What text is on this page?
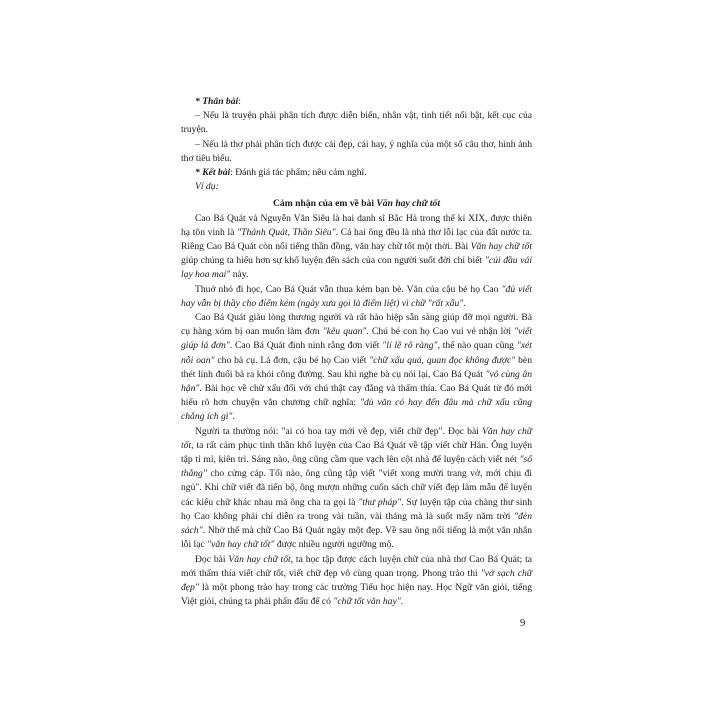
* Thân bài:

– Nếu là truyện phải phân tích được diễn biến, nhân vật, tình tiết nổi bật, kết cục của truyện.

– Nếu là thơ phải phân tích được cái đẹp, cái hay, ý nghĩa của một số câu thơ, hình ảnh thơ tiêu biểu.

* Kết bài: Đánh giá tác phẩm; nêu cảm nghĩ.

Ví dụ:

Cảm nhận của em về bài Văn hay chữ tốt

Cao Bá Quát và Nguyễn Văn Siêu là hai danh sĩ Bắc Hà trong thế kỉ XIX, được thiên hạ tôn vinh là "Thánh Quát, Thần Siêu". Cả hai ông đều là nhà thơ lỗi lạc của đất nước ta. Riêng Cao Bá Quát còn nổi tiếng thần đồng, văn hay chữ tốt một thời. Bài Văn hay chữ tốt giúp chúng ta hiểu hơn sự khổ luyện đến sách của con người suốt đời chỉ biết "cúi đầu vái lạy hoa mai" này.

Thuở nhỏ đi học, Cao Bá Quát vẫn thua kém bạn bè. Văn của cậu bé họ Cao "đủ viết hay vẫn bị thầy cho điểm kém (ngày xưa gọi là điểm liệt) vì chữ "rất xấu".

Cao Bá Quát giàu lòng thương người và rất hào hiệp sẵn sàng giúp đỡ mọi người. Bà cụ hàng xóm bị oan muốn làm đơn "kêu quan". Chú bé con họ Cao vui vẻ nhận lời "viết giúp lá đơn". Cao Bá Quát đinh ninh rằng đơn viết "lí lẽ rõ ràng", thế nào quan cũng "xét nỗi oan" cho bà cụ. Lá đơn, cậu bé họ Cao viết "chữ xấu quá, quan đọc không được" bèn thét lính đuổi bà ra khỏi công đường. Sau khi nghe bà cụ nói lại, Cao Bá Quát "vô cùng ân hận". Bài học về chữ xấu đổi với chú thật cay đắng và thấm thía. Cao Bá Quát từ đó mới hiểu rõ hơn chuyện văn chương chữ nghĩa: "dù văn có hay đến đâu mà chữ xấu cũng chẳng ích gì".

Người ta thường nói: "ai có hoa tay mới vẽ đẹp, viết chữ đẹp". Đọc bài Văn hay chữ tốt, ta rất cảm phục tinh thần khổ luyện của Cao Bá Quát về tập viết chữ Hán. Ông luyện tập tỉ mỉ, kiên trì. Sáng nào, ông cũng cầm que vạch lên cột nhà để luyện cách viết nét "sổ thẳng" cho cứng cáp. Tối nào, ông cũng tập viết "viết xong mười trang vở, mới chịu đi ngủ". Khi chữ viết đã tiến bộ, ông mượn những cuốn sách chữ viết đẹp làm mẫu để luyện các kiểu chữ khác nhau mà ông cha ta gọi là "thư pháp". Sự luyện tập của chàng thư sinh họ Cao không phải chỉ diễn ra trong vài tuần, vài tháng mà là suốt mấy năm trời "đèn sách". Nhờ thế mà chữ Cao Bá Quát ngày một đẹp. Về sau ông nổi tiếng là một văn nhân lỗi lạc "văn hay chữ tốt" được nhiều người ngưỡng mộ.

Đọc bài Văn hay chữ tốt, ta học tập được cách luyện chữ của nhà thơ Cao Bá Quát; ta mới thấm thía viết chữ tốt, viết chữ đẹp vô cùng quan trọng. Phong trào thi "vở sạch chữ đẹp" là một phong trào hay trong các trường Tiểu học hiện nay. Học Ngữ văn giỏi, tiếng Việt giỏi, chúng ta phải phấn đấu để có "chữ tốt văn hay".

9
